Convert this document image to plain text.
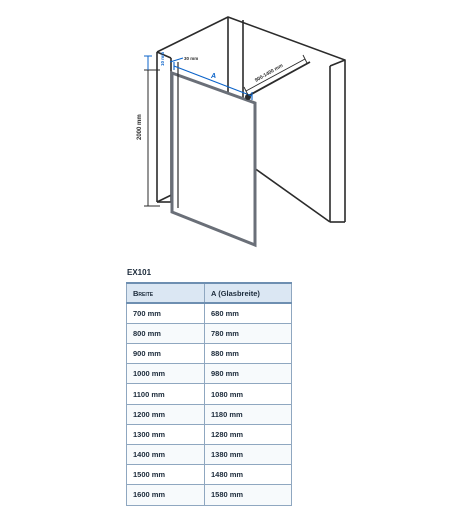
2000 mm
10 mm	30 mm
A	900-1400 mm
EX101
Breite	A (Glasbreite)
700 mm	680 mm
800 mm	780 mm
900 mm	880 mm
1000 mm	980 mm
1100 mm	1080 mm
1200 mm	1180 mm
1300 mm	1280 mm
1400 mm	1380 mm
1500 mm	1480 mm
1600 mm	1580 mm
